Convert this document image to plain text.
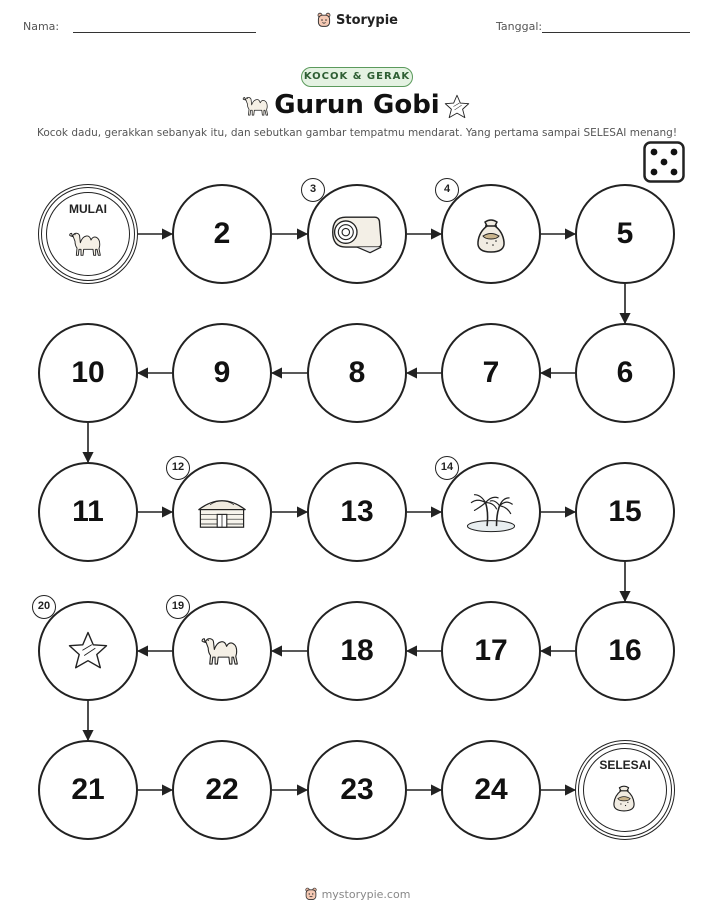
Nama:	Storypie	Tanggal:
KOCOK & GERAK
Gurun Gobi
Kocok dadu, gerakkan sebanyak itu, dan sebutkan gambar tempatmu mendarat. Yang pertama sampai SELESAI menang!
MULAI
2
3	4
5
6
7
8
9
10
11
12
13
14
15
16
17
18
19
20
21	22	23	24
SELESAI
mystorypie.com
